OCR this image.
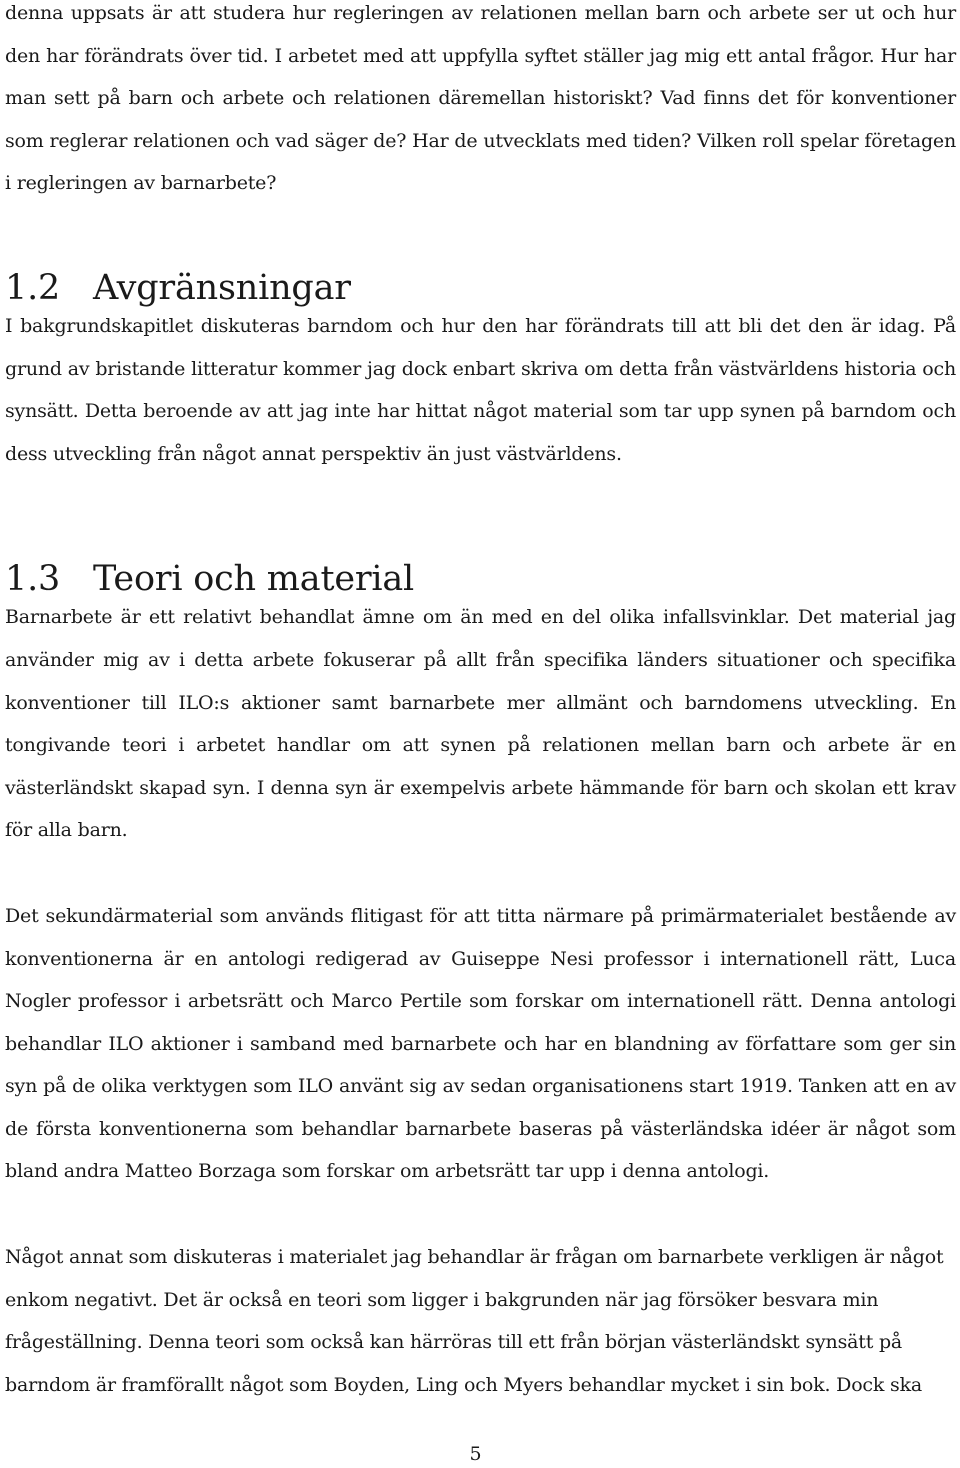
denna uppsats är att studera hur regleringen av relationen mellan barn och arbete ser ut och hur den har förändrats över tid. I arbetet med att uppfylla syftet ställer jag mig ett antal frågor. Hur har man sett på barn och arbete och relationen däremellan historiskt? Vad finns det för konventioner som reglerar relationen och vad säger de? Har de utvecklats med tiden? Vilken roll spelar företagen i regleringen av barnarbete?

1.2 Avgränsningar

I bakgrundskapitlet diskuteras barndom och hur den har förändrats till att bli det den är idag. På grund av bristande litteratur kommer jag dock enbart skriva om detta från västvärldens historia och synsätt. Detta beroende av att jag inte har hittat något material som tar upp synen på barndom och dess utveckling från något annat perspektiv än just västvärldens.

1.3 Teori och material

Barnarbete är ett relativt behandlat ämne om än med en del olika infallsvinklar. Det material jag använder mig av i detta arbete fokuserar på allt från specifika länders situationer och specifika konventioner till ILO:s aktioner samt barnarbete mer allmänt och barndomens utveckling. En tongivande teori i arbetet handlar om att synen på relationen mellan barn och arbete är en västerländskt skapad syn. I denna syn är exempelvis arbete hämmande för barn och skolan ett krav för alla barn.

Det sekundärmaterial som används flitigast för att titta närmare på primärmaterialet bestående av konventionerna är en antologi redigerad av Guiseppe Nesi professor i internationell rätt, Luca Nogler professor i arbetsrätt och Marco Pertile som forskar om internationell rätt. Denna antologi behandlar ILO aktioner i samband med barnarbete och har en blandning av författare som ger sin syn på de olika verktygen som ILO använt sig av sedan organisationens start 1919. Tanken att en av de första konventionerna som behandlar barnarbete baseras på västerländska idéer är något som bland andra Matteo Borzaga som forskar om arbetsrätt tar upp i denna antologi.

Något annat som diskuteras i materialet jag behandlar är frågan om barnarbete verkligen är något enkom negativt. Det är också en teori som ligger i bakgrunden när jag försöker besvara min frågeställning. Denna teori som också kan härröras till ett från början västerländskt synsätt på barndom är framförallt något som Boyden, Ling och Myers behandlar mycket i sin bok. Dock ska

5
